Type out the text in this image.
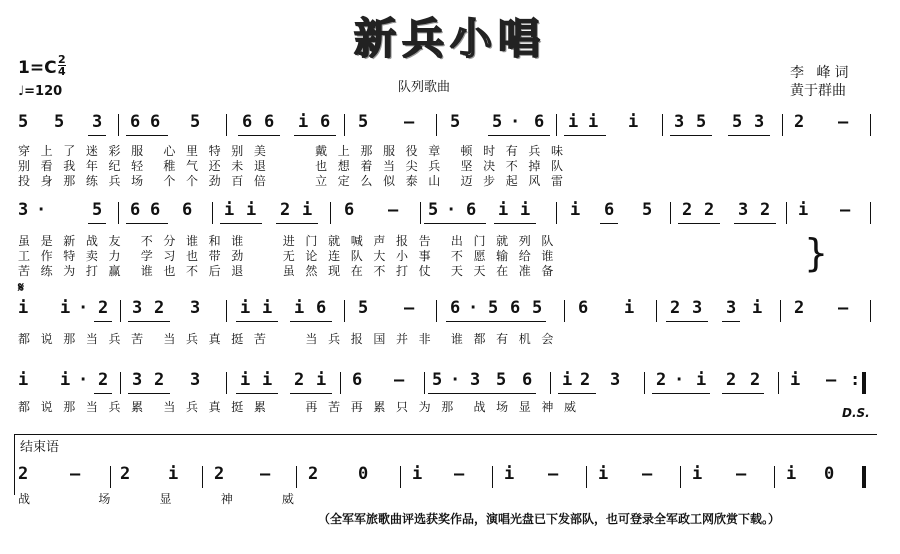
新兵小唱
1=C 2
4
♩=120	队列歌曲
李 峰词
黄于群曲
5 5 3 6 6 5 6 6 i 6 5 – 5 5 · 6 i i i 3 5 5 3 2 –
穿  上  了  迷  彩  服    心  里  特  别  美          戴  上  那  服  役  章    顿  时  有  兵  味
别  看  我  年  纪  轻    稚  气  还  未  退          也  想  着  当  尖  兵    坚  决  不  掉  队
投  身  那  练  兵  场    个  个  劲  百  倍          立  定  么  似  泰  山    迈  步  起  风  雷
3 ·	5 6 6 6 i i 2 i 6 – 5 · 6 i i i 6 5 2 2 3 2 i –
虽  是  新  战  友    不  分  谁  和  谁        进  门  就  喊  声  报  告    出  门  就  列  队
工  作  特  卖  力    学  习  也  带  劲        无  论  连  队  大  小  事    不  愿  输  给  谁
苦  练  为  打  赢    谁  也  不  后  退        虽  然  现  在  不  打  仗    天  天  在  准  备	}
𝄋
i i · 2 3 2 3 i i i 6 5 – 6 · 5 6 5 6 i 2 3 3 i 2 –
都  说  那  当  兵  苦    当  兵  真  挺  苦        当  兵  报  国  并  非    谁  都  有  机  会
i i · 2 3 2 3 i i 2 i 6 – 5 · 3 5 6 i 2 3 2 · i 2 2 i – :
都  说  那  当  兵  累    当  兵  真  挺  累        再  苦  再  累  只  为  那    战  场  显  神  威	D.S.
结束语
2 – 2 i 2 – 2 0	i – i – i – i – i 0
战              场          显          神          威
（全军军旅歌曲评选获奖作品，演唱光盘已下发部队，也可登录全军政工网欣赏下载。）
